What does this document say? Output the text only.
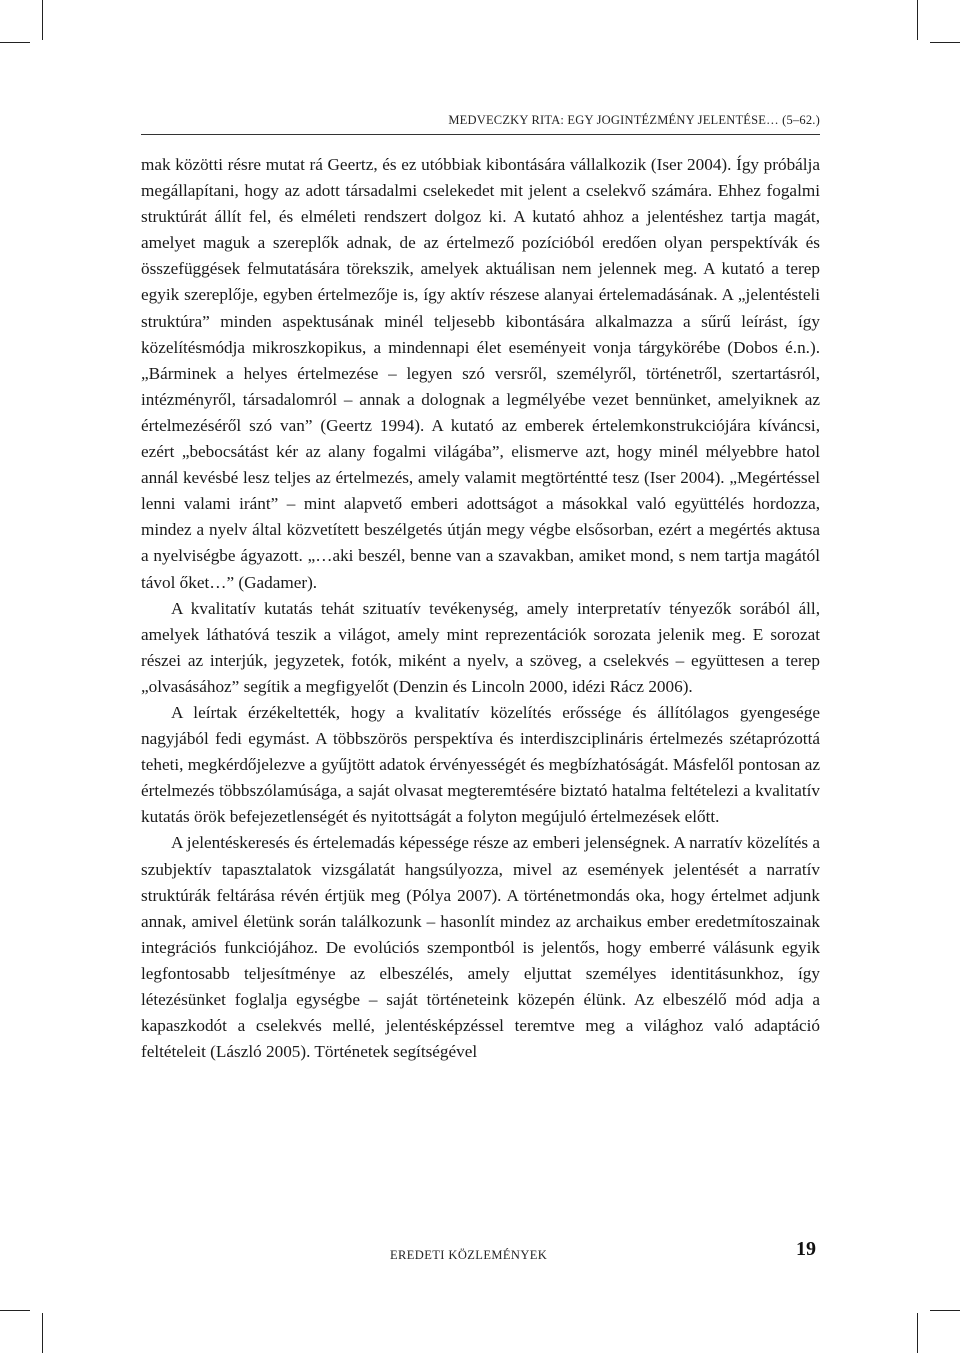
MEDVECZKY RITA: EGY JOGINTÉZMÉNY JELENTÉSE… (5–62.)

mak közötti résre mutat rá Geertz, és ez utóbbiak kibontására vállalkozik (Iser 2004). Így próbálja megállapítani, hogy az adott társadalmi cselekedet mit jelent a cselekvő számára. Ehhez fogalmi struktúrát állít fel, és elméleti rendszert dolgoz ki. A kutató ahhoz a jelentéshez tartja magát, amelyet maguk a szereplők adnak, de az értelmező pozícióból eredően olyan perspektívák és összefüggések felmutatására törekszik, amelyek aktuálisan nem jelennek meg. A kutató a terep egyik szereplője, egyben értelmezője is, így aktív részese alanyai értelemadásának. A „jelentésteli struktúra” minden aspektusának minél teljesebb kibontására alkalmazza a sűrű leírást, így közelítésmódja mikroszkopikus, a mindennapi élet eseményeit vonja tárgykörébe (Dobos é.n.). „Bárminek a helyes értelmezése – legyen szó versről, személyről, történetről, szertartásról, intézményről, társadalomról – annak a dolognak a legmélyébe vezet bennünket, amelyiknek az értelmezéséről szó van” (Geertz 1994). A kutató az emberek értelemkonstrukciójára kíváncsi, ezért „bebocsátást kér az alany fogalmi világába”, elismerve azt, hogy minél mélyebbre hatol annál kevésbé lesz teljes az értelmezés, amely valamit megtörténtté tesz (Iser 2004). „Megértéssel lenni valami iránt” – mint alapvető emberi adottságot a másokkal való együttélés hordozza, mindez a nyelv által közvetített beszélgetés útján megy végbe elsősorban, ezért a megértés aktusa a nyelviségbe ágyazott. „…aki beszél, benne van a szavakban, amiket mond, s nem tartja magától távol őket…” (Gadamer).

A kvalitatív kutatás tehát szituatív tevékenység, amely interpretatív tényezők sorából áll, amelyek láthatóvá teszik a világot, amely mint reprezentációk sorozata jelenik meg. E sorozat részei az interjúk, jegyzetek, fotók, miként a nyelv, a szöveg, a cselekvés – együttesen a terep „olvasásához” segítik a megfigyelőt (Denzin és Lincoln 2000, idézi Rácz 2006).

A leírtak érzékeltették, hogy a kvalitatív közelítés erőssége és állítólagos gyengesége nagyjából fedi egymást. A többszörös perspektíva és interdiszciplináris értelmezés szétaprózottá teheti, megkérdőjelezve a gyűjtött adatok érvényességét és megbízhatóságát. Másfelől pontosan az értelmezés többszólamúsága, a saját olvasat megteremtésére biztató hatalma feltételezi a kvalitatív kutatás örök befejezetlenségét és nyitottságát a folyton megújuló értelmezések előtt.

A jelentéskeresés és értelemadás képessége része az emberi jelenségnek. A narratív közelítés a szubjektív tapasztalatok vizsgálatát hangsúlyozza, mivel az események jelentését a narratív struktúrák feltárása révén értjük meg (Pólya 2007). A történetmondás oka, hogy értelmet adjunk annak, amivel életünk során találkozunk – hasonlít mindez az archaikus ember eredetmítoszainak integrációs funkciójához. De evolúciós szempontból is jelentős, hogy emberré válásunk egyik legfontosabb teljesítménye az elbeszélés, amely eljuttat személyes identitásunkhoz, így létezésünket foglalja egységbe – saját történeteink közepén élünk. Az elbeszélő mód adja a kapaszkodót a cselekvés mellé, jelentésképzéssel teremtve meg a világhoz való adaptáció feltételeit (László 2005). Történetek segítségével

EREDETI KÖZLEMÉNYEK	19
